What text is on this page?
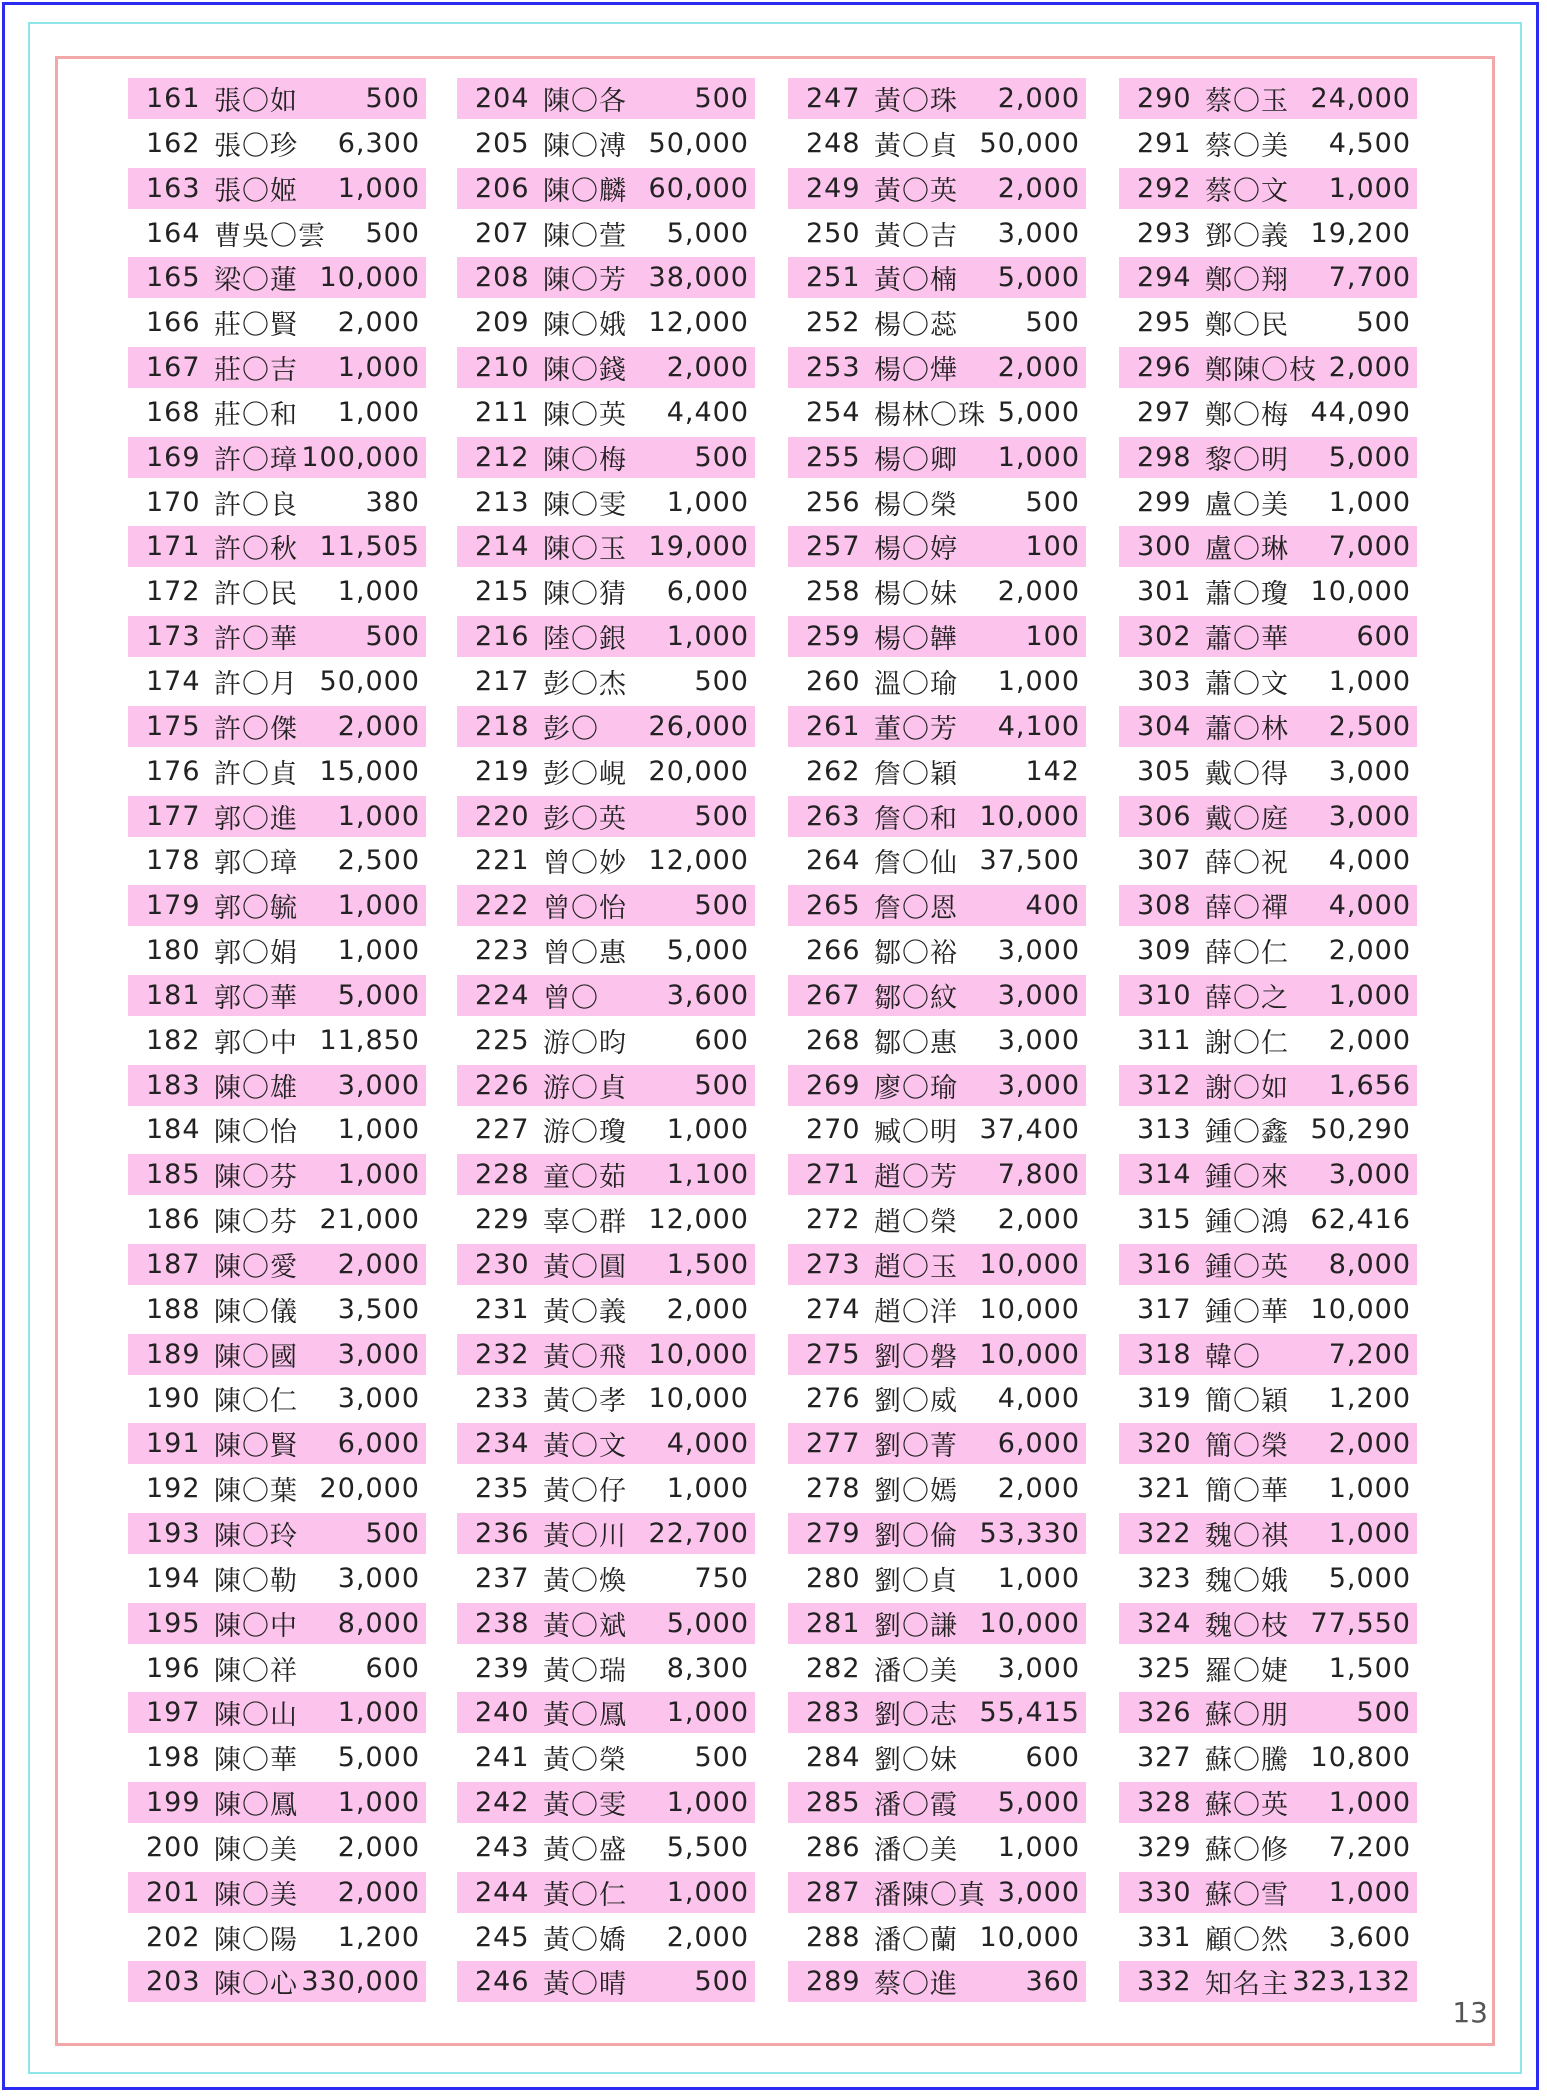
161 張〇如	500
162 張〇珍	6,300
163 張〇姬	1,000
164 曹吳〇雲	500
165 梁〇蓮 10,000
166 莊〇賢	2,000
167 莊〇吉	1,000
168 莊〇和	1,000
169 許〇璋 100,000
170 許〇良	380
171 許〇秋 11,505
172 許〇民	1,000
173 許〇華	500
174 許〇月 50,000
175 許〇傑	2,000
176 許〇貞 15,000
177 郭〇進	1,000
178 郭〇璋	2,500
179 郭〇毓	1,000
180 郭〇娟	1,000
181 郭〇華	5,000
182 郭〇中 11,850
183 陳〇雄	3,000
184 陳〇怡	1,000
185 陳〇芬	1,000
186 陳〇芬 21,000
187 陳〇愛	2,000
188 陳〇儀	3,500
189 陳〇國	3,000
190 陳〇仁	3,000
191 陳〇賢	6,000
192 陳〇葉 20,000
193 陳〇玲	500
194 陳〇勒	3,000
195 陳〇中	8,000
196 陳〇祥	600
197 陳〇山	1,000
198 陳〇華	5,000
199 陳〇鳳	1,000
200 陳〇美	2,000
201 陳〇美	2,000
202 陳〇陽	1,200
203 陳〇心 330,000
204 陳〇各	500
205 陳〇溥 50,000
206 陳〇麟 60,000
207 陳〇萱	5,000
208 陳〇芳 38,000
209 陳〇娥 12,000
210 陳〇錢	2,000
211 陳〇英	4,400
212 陳〇梅	500
213 陳〇雯	1,000
214 陳〇玉 19,000
215 陳〇猜	6,000
216 陸〇銀	1,000
217 彭〇杰	500
218 彭〇	26,000
219 彭〇峴 20,000
220 彭〇英	500
221 曾〇妙 12,000
222 曾〇怡	500
223 曾〇惠	5,000
224 曾〇	3,600
225 游〇昀	600
226 游〇貞	500
227 游〇瓊	1,000
228 童〇茹	1,100
229 辜〇群 12,000
230 黃〇圓	1,500
231 黃〇義	2,000
232 黃〇飛 10,000
233 黃〇孝 10,000
234 黃〇文	4,000
235 黃〇仔	1,000
236 黃〇川 22,700
237 黃〇煥	750
238 黃〇斌	5,000
239 黃〇瑞	8,300
240 黃〇鳳	1,000
241 黃〇榮	500
242 黃〇雯	1,000
243 黃〇盛	5,500
244 黃〇仁	1,000
245 黃〇嬌	2,000
246 黃〇晴	500
247 黃〇珠	2,000
248 黃〇貞 50,000
249 黃〇英	2,000
250 黃〇吉	3,000
251 黃〇楠	5,000
252 楊〇蕊	500
253 楊〇燁	2,000
254 楊林〇珠 5,000
255 楊〇卿	1,000
256 楊〇榮	500
257 楊〇婷	100
258 楊〇妹	2,000
259 楊〇韡	100
260 溫〇瑜	1,000
261 董〇芳	4,100
262 詹〇穎	142
263 詹〇和 10,000
264 詹〇仙 37,500
265 詹〇恩	400
266 鄒〇裕	3,000
267 鄒〇紋	3,000
268 鄒〇惠	3,000
269 廖〇瑜	3,000
270 臧〇明 37,400
271 趙〇芳	7,800
272 趙〇榮	2,000
273 趙〇玉 10,000
274 趙〇洋 10,000
275 劉〇磐 10,000
276 劉〇威	4,000
277 劉〇菁	6,000
278 劉〇嫣	2,000
279 劉〇倫 53,330
280 劉〇貞	1,000
281 劉〇謙 10,000
282 潘〇美	3,000
283 劉〇志 55,415
284 劉〇妹	600
285 潘〇霞	5,000
286 潘〇美	1,000
287 潘陳〇真 3,000
288 潘〇蘭 10,000
289 蔡〇進	360
290 蔡〇玉 24,000
291 蔡〇美	4,500
292 蔡〇文	1,000
293 鄧〇義 19,200
294 鄭〇翔	7,700
295 鄭〇民	500
296 鄭陳〇枝 2,000
297 鄭〇梅 44,090
298 黎〇明	5,000
299 盧〇美	1,000
300 盧〇琳	7,000
301 蕭〇瓊 10,000
302 蕭〇華	600
303 蕭〇文	1,000
304 蕭〇林	2,500
305 戴〇得	3,000
306 戴〇庭	3,000
307 薛〇祝	4,000
308 薛〇禪	4,000
309 薛〇仁	2,000
310 薛〇之	1,000
311 謝〇仁	2,000
312 謝〇如	1,656
313 鍾〇鑫 50,290
314 鍾〇來	3,000
315 鍾〇鴻 62,416
316 鍾〇英	8,000
317 鍾〇華 10,000
318 韓〇	7,200
319 簡〇穎	1,200
320 簡〇榮	2,000
321 簡〇華	1,000
322 魏〇祺	1,000
323 魏〇娥	5,000
324 魏〇枝 77,550
325 羅〇婕	1,500
326 蘇〇朋	500
327 蘇〇騰 10,800
328 蘇〇英	1,000
329 蘇〇修	7,200
330 蘇〇雪	1,000
331 顧〇然	3,600
332 知名主 323,132
13
